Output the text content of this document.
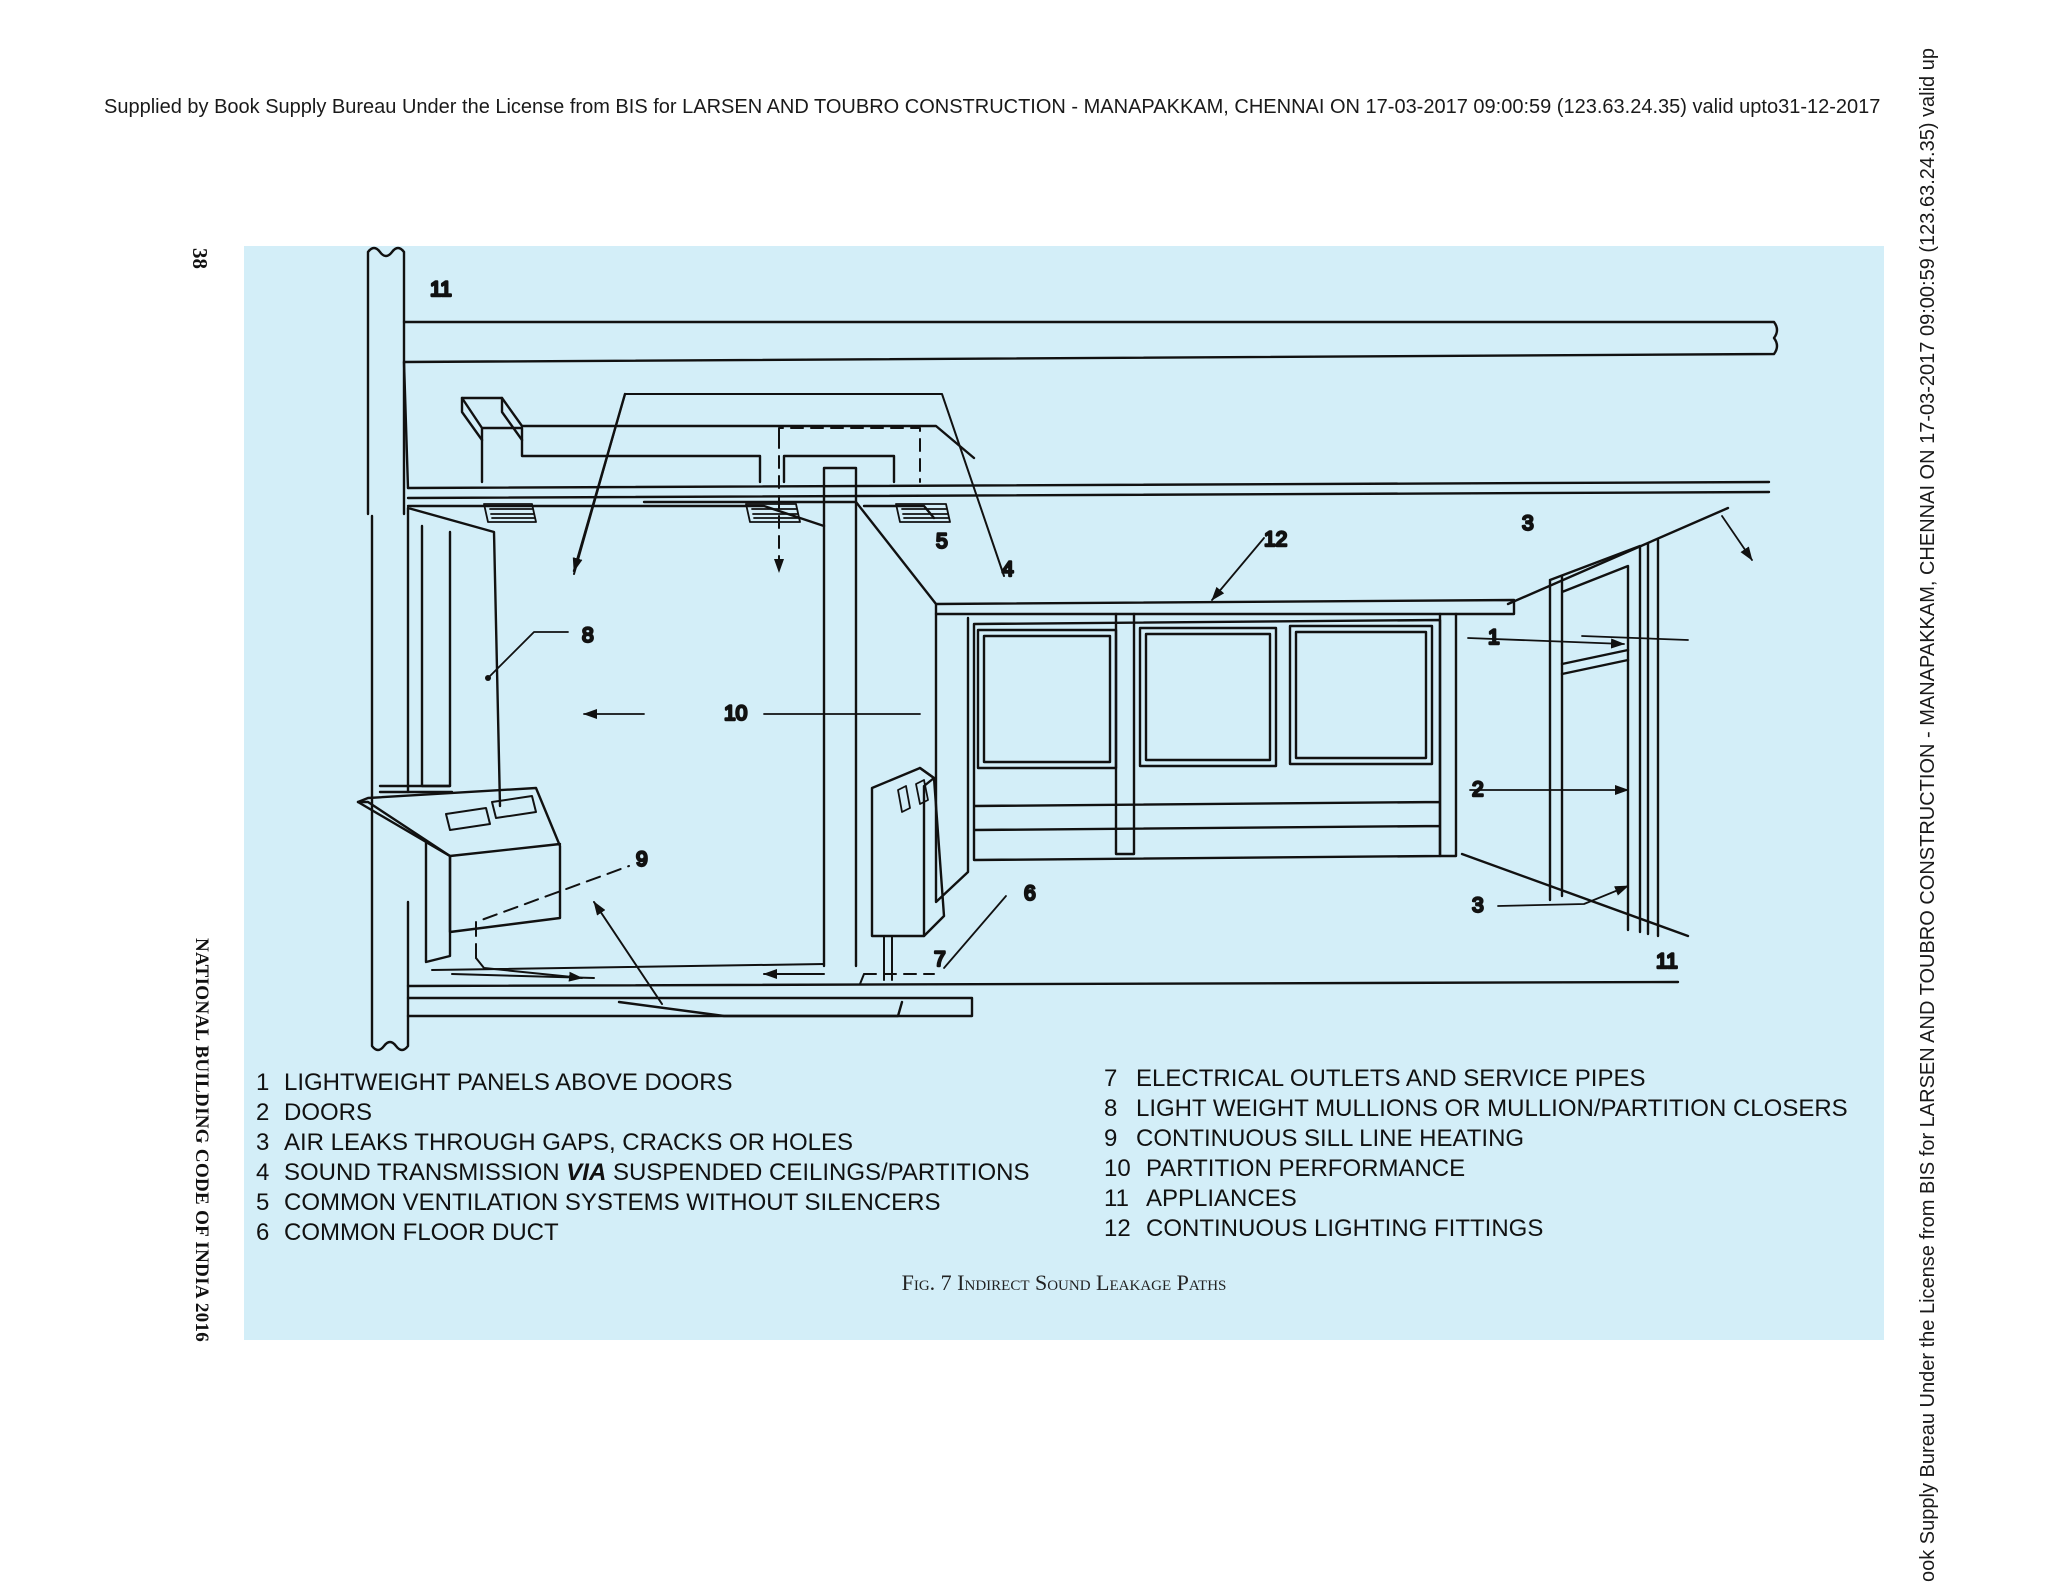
Supplied by Book Supply Bureau Under the License from BIS for LARSEN AND TOUBRO CONSTRUCTION - MANAPAKKAM, CHENNAI ON 17-03-2017 09:00:59 (123.63.24.35) valid upto31-12-2017	ook Supply Bureau Under the License from BIS for LARSEN AND TOUBRO CONSTRUCTION - MANAPAKKAM, CHENNAI ON 17-03-2017 09:00:59 (123.63.24.35) valid up
38
NATIONAL BUILDING CODE OF INDIA 2016
11
5
4
12
3
8	1
10
2
9
6
3
7	11
1 LIGHTWEIGHT PANELS ABOVE DOORS
2 DOORS
3 AIR LEAKS THROUGH GAPS, CRACKS OR HOLES
4 SOUND TRANSMISSION VIA SUSPENDED CEILINGS/PARTITIONS
5 COMMON VENTILATION SYSTEMS WITHOUT SILENCERS
6 COMMON FLOOR DUCT
7 ELECTRICAL OUTLETS AND SERVICE PIPES
8 LIGHT WEIGHT MULLIONS OR MULLION/PARTITION CLOSERS
9 CONTINUOUS SILL LINE HEATING
10 PARTITION PERFORMANCE
11 APPLIANCES
12 CONTINUOUS LIGHTING FITTINGS
Fig. 7 Indirect Sound Leakage Paths
